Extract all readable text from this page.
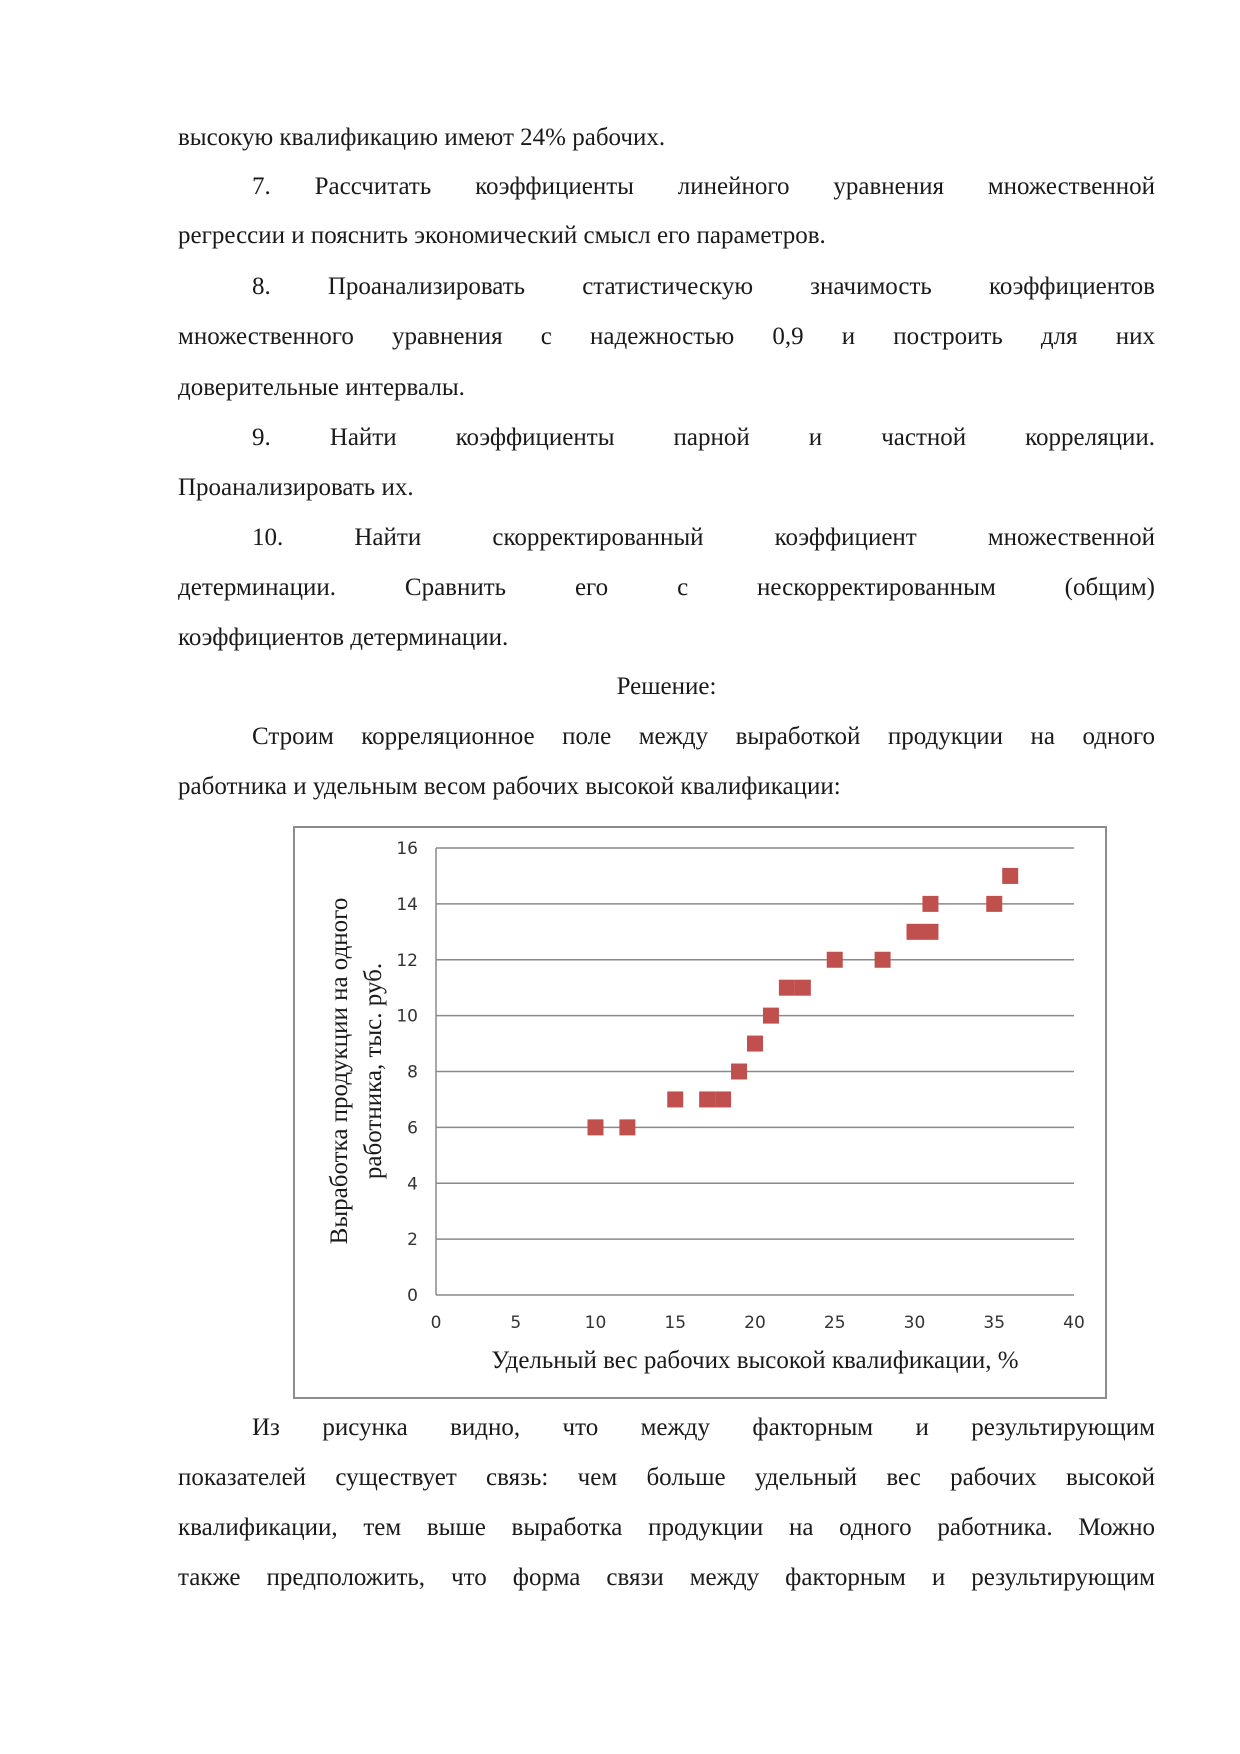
высокую квалификацию имеют 24% рабочих.
7. Рассчитать коэффициенты линейного уравнения множественной
регрессии и пояснить экономический смысл его параметров.
8. Проанализировать статистическую значимость коэффициентов
множественного уравнения с надежностью 0,9 и построить для них
доверительные интервалы.
9. Найти коэффициенты парной и частной корреляции.
Проанализировать их.
10. Найти скорректированный коэффициент множественной
детерминации. Сравнить его с нескорректированным (общим)
коэффициентов детерминации.
Решение:
Строим корреляционное поле между выработкой продукции на одного
работника и удельным весом рабочих высокой квалификации:
0
2
4
6
8
10
12
14
16
0	5	10	15	20	25	30	35	40
Удельный вес рабочих высокой квалификации, %
Выработка продукции на одного работника, тыс. руб.
Из рисунка видно, что между факторным и результирующим
показателей существует связь: чем больше удельный вес рабочих высокой
квалификации, тем выше выработка продукции на одного работника. Можно
также предположить, что форма связи между факторным и результирующим
